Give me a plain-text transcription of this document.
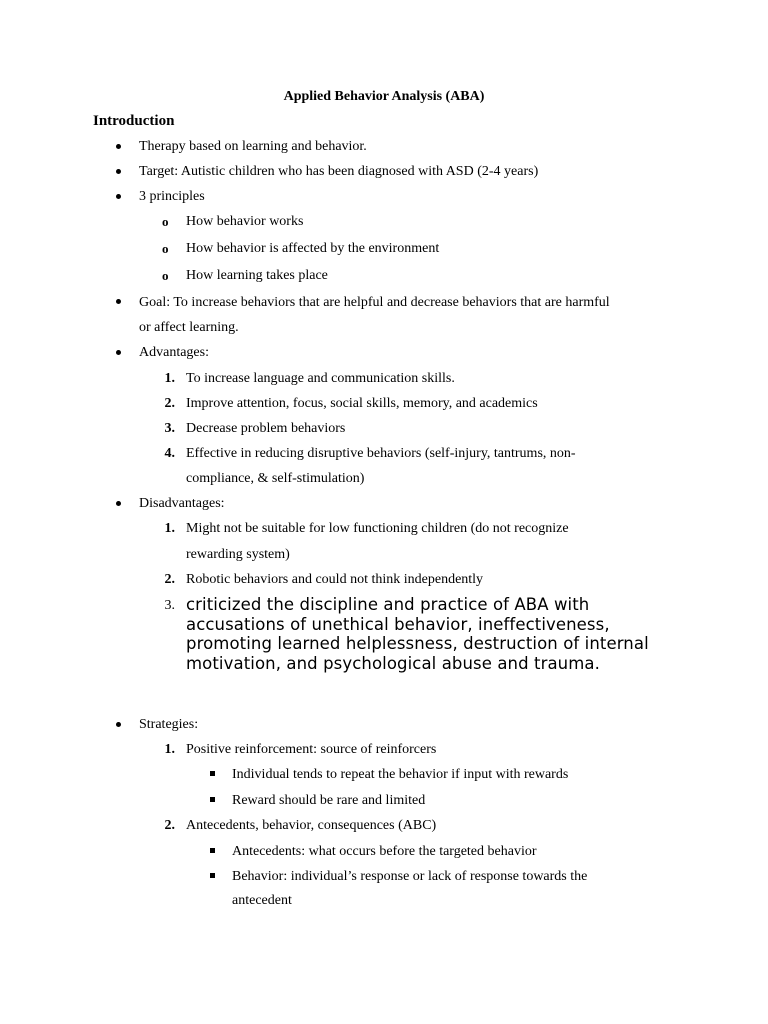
Applied Behavior Analysis (ABA)
Introduction
Therapy based on learning and behavior.
Target: Autistic children who has been diagnosed with ASD (2-4 years)
3 principles
o How behavior works
o How behavior is affected by the environment
o How learning takes place
Goal: To increase behaviors that are helpful and decrease behaviors that are harmful
or affect learning.
Advantages:
1. To increase language and communication skills.
2. Improve attention, focus, social skills, memory, and academics
3. Decrease problem behaviors
4. Effective in reducing disruptive behaviors (self-injury, tantrums, non-
compliance, & self-stimulation)
Disadvantages:
1. Might not be suitable for low functioning children (do not recognize
rewarding system)
2. Robotic behaviors and could not think independently
3. criticized the discipline and practice of ABA with accusations of unethical behavior, ineffectiveness, promoting learned helplessness, destruction of internal motivation, and psychological abuse and trauma.
Strategies:
1. Positive reinforcement: source of reinforcers
Individual tends to repeat the behavior if input with rewards
Reward should be rare and limited
2. Antecedents, behavior, consequences (ABC)
Antecedents: what occurs before the targeted behavior
Behavior: individual’s response or lack of response towards the
antecedent
